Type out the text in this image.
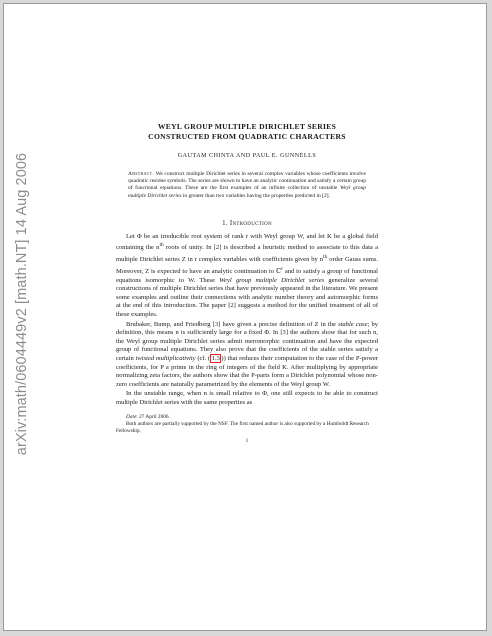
arXiv:math/0604449v2 [math.NT] 14 Aug 2006
WEYL GROUP MULTIPLE DIRICHLET SERIES
CONSTRUCTED FROM QUADRATIC CHARACTERS
GAUTAM CHINTA AND PAUL E. GUNNELLS
Abstract. We construct multiple Dirichlet series in several complex variables whose coefficients involve quadratic residue symbols. The series are shown to have an analytic continuation and satisfy a certain group of functional equations. These are the first examples of an infinite collection of unstable Weyl group multiple Dirichlet series in greater than two variables having the properties predicted in [2].
1. Introduction

Let Φ be an irreducible root system of rank r with Weyl group W, and let K be a global field containing the $n^{th}$ roots of unity. In [2] is described a heuristic method to associate to this data a multiple Dirichlet series Z in r complex variables with coefficients given by $n^{th}$ order Gauss sums. Moreover, Z is expected to have an analytic continuation to ℂ$^r$ and to satisfy a group of functional equations isomorphic to W. These Weyl group multiple Dirichlet series generalize several constructions of multiple Dirichlet series that have previously appeared in the literature. We present some examples and outline their connections with analytic number theory and automorphic forms at the end of this introduction. The paper [2] suggests a method for the unified treatment of all of these examples.

Brubaker, Bump, and Friedberg [3] have given a precise definition of Z in the stable case; by definition, this means n is sufficiently large for a fixed Φ. In [3] the authors show that for such n, the Weyl group multiple Dirichlet series admit meromorphic continuation and have the expected group of functional equations. They also prove that the coefficients of the stable series satisfy a certain twisted multiplicativity (cf. ( 1.3 )) that reduces their computation to the case of the P-power coefficients, for P a prime in the ring of integers of the field K. After multiplying by appropriate normalizing zeta factors, the authors show that the P-parts form a Dirichlet polynomial whose non-zero coefficients are naturally parametrized by the elements of the Weyl group W.

In the unstable range, when n is small relative to Φ, one still expects to be able to construct multiple Dirichlet series with the same properties as

Date: 27 April 2006.
Both authors are partially supported by the NSF. The first named author is also supported by a Humboldt Research Fellowship.
1
